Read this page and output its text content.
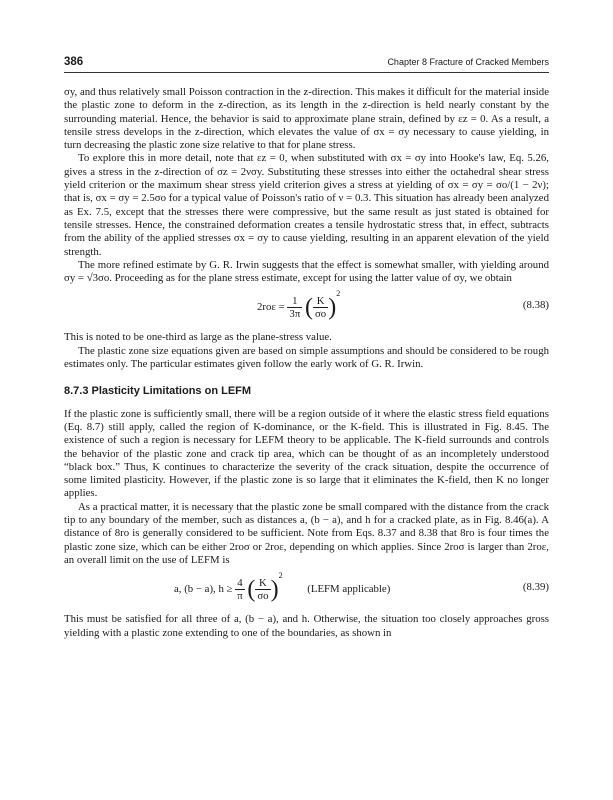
386	Chapter 8 Fracture of Cracked Members

σy, and thus relatively small Poisson contraction in the z-direction. This makes it difficult for the material inside the plastic zone to deform in the z-direction, as its length in the z-direction is held nearly constant by the surrounding material. Hence, the behavior is said to approximate plane strain, defined by εz = 0. As a result, a tensile stress develops in the z-direction, which elevates the value of σx = σy necessary to cause yielding, in turn decreasing the plastic zone size relative to that for plane stress.

To explore this in more detail, note that εz = 0, when substituted with σx = σy into Hooke's law, Eq. 5.26, gives a stress in the z-direction of σz = 2νσy. Substituting these stresses into either the octahedral shear stress yield criterion or the maximum shear stress yield criterion gives a stress at yielding of σx = σy = σo/(1 − 2ν); that is, σx = σy = 2.5σo for a typical value of Poisson's ratio of ν = 0.3. This situation has already been analyzed as Ex. 7.5, except that the stresses there were compressive, but the same result as just stated is obtained for tensile stresses. Hence, the constrained deformation creates a tensile hydrostatic stress that, in effect, subtracts from the ability of the applied stresses σx = σy to cause yielding, resulting in an apparent elevation of the yield strength.

The more refined estimate by G. R. Irwin suggests that the effect is somewhat smaller, with yielding around σy = √3σo. Proceeding as for the plane stress estimate, except for using the latter value of σy, we obtain

$2ro\varepsilon = \frac{1}{3\pi}$ ( $\frac{K}{\sigma o} )^2$
(8.38)

This is noted to be one-third as large as the plane-stress value.

The plastic zone size equations given are based on simple assumptions and should be considered to be rough estimates only. The particular estimates given follow the early work of G. R. Irwin.

8.7.3 Plasticity Limitations on LEFM

If the plastic zone is sufficiently small, there will be a region outside of it where the elastic stress field equations (Eq. 8.7) still apply, called the region of K-dominance, or the K-field. This is illustrated in Fig. 8.45. The existence of such a region is necessary for LEFM theory to be applicable. The K-field surrounds and controls the behavior of the plastic zone and crack tip area, which can be thought of as an incompletely understood “black box.” Thus, K continues to characterize the severity of the crack situation, despite the occurrence of some limited plasticity. However, if the plastic zone is so large that it eliminates the K-field, then K no longer applies.

As a practical matter, it is necessary that the plastic zone be small compared with the distance from the crack tip to any boundary of the member, such as distances a, (b − a), and h for a cracked plate, as in Fig. 8.46(a). A distance of 8ro is generally considered to be sufficient. Note from Eqs. 8.37 and 8.38 that 8ro is four times the plastic zone size, which can be either 2roσ or 2roε, depending on which applies. Since 2roσ is larger than 2roε, an overall limit on the use of LEFM is

a, (b − a), $h \ge \frac{4}{\pi}$ ( $\frac{K}{\sigma o} )^2$ (LEFM applicable)	(8.39)

This must be satisfied for all three of a, (b − a), and h. Otherwise, the situation too closely approaches gross yielding with a plastic zone extending to one of the boundaries, as shown in
